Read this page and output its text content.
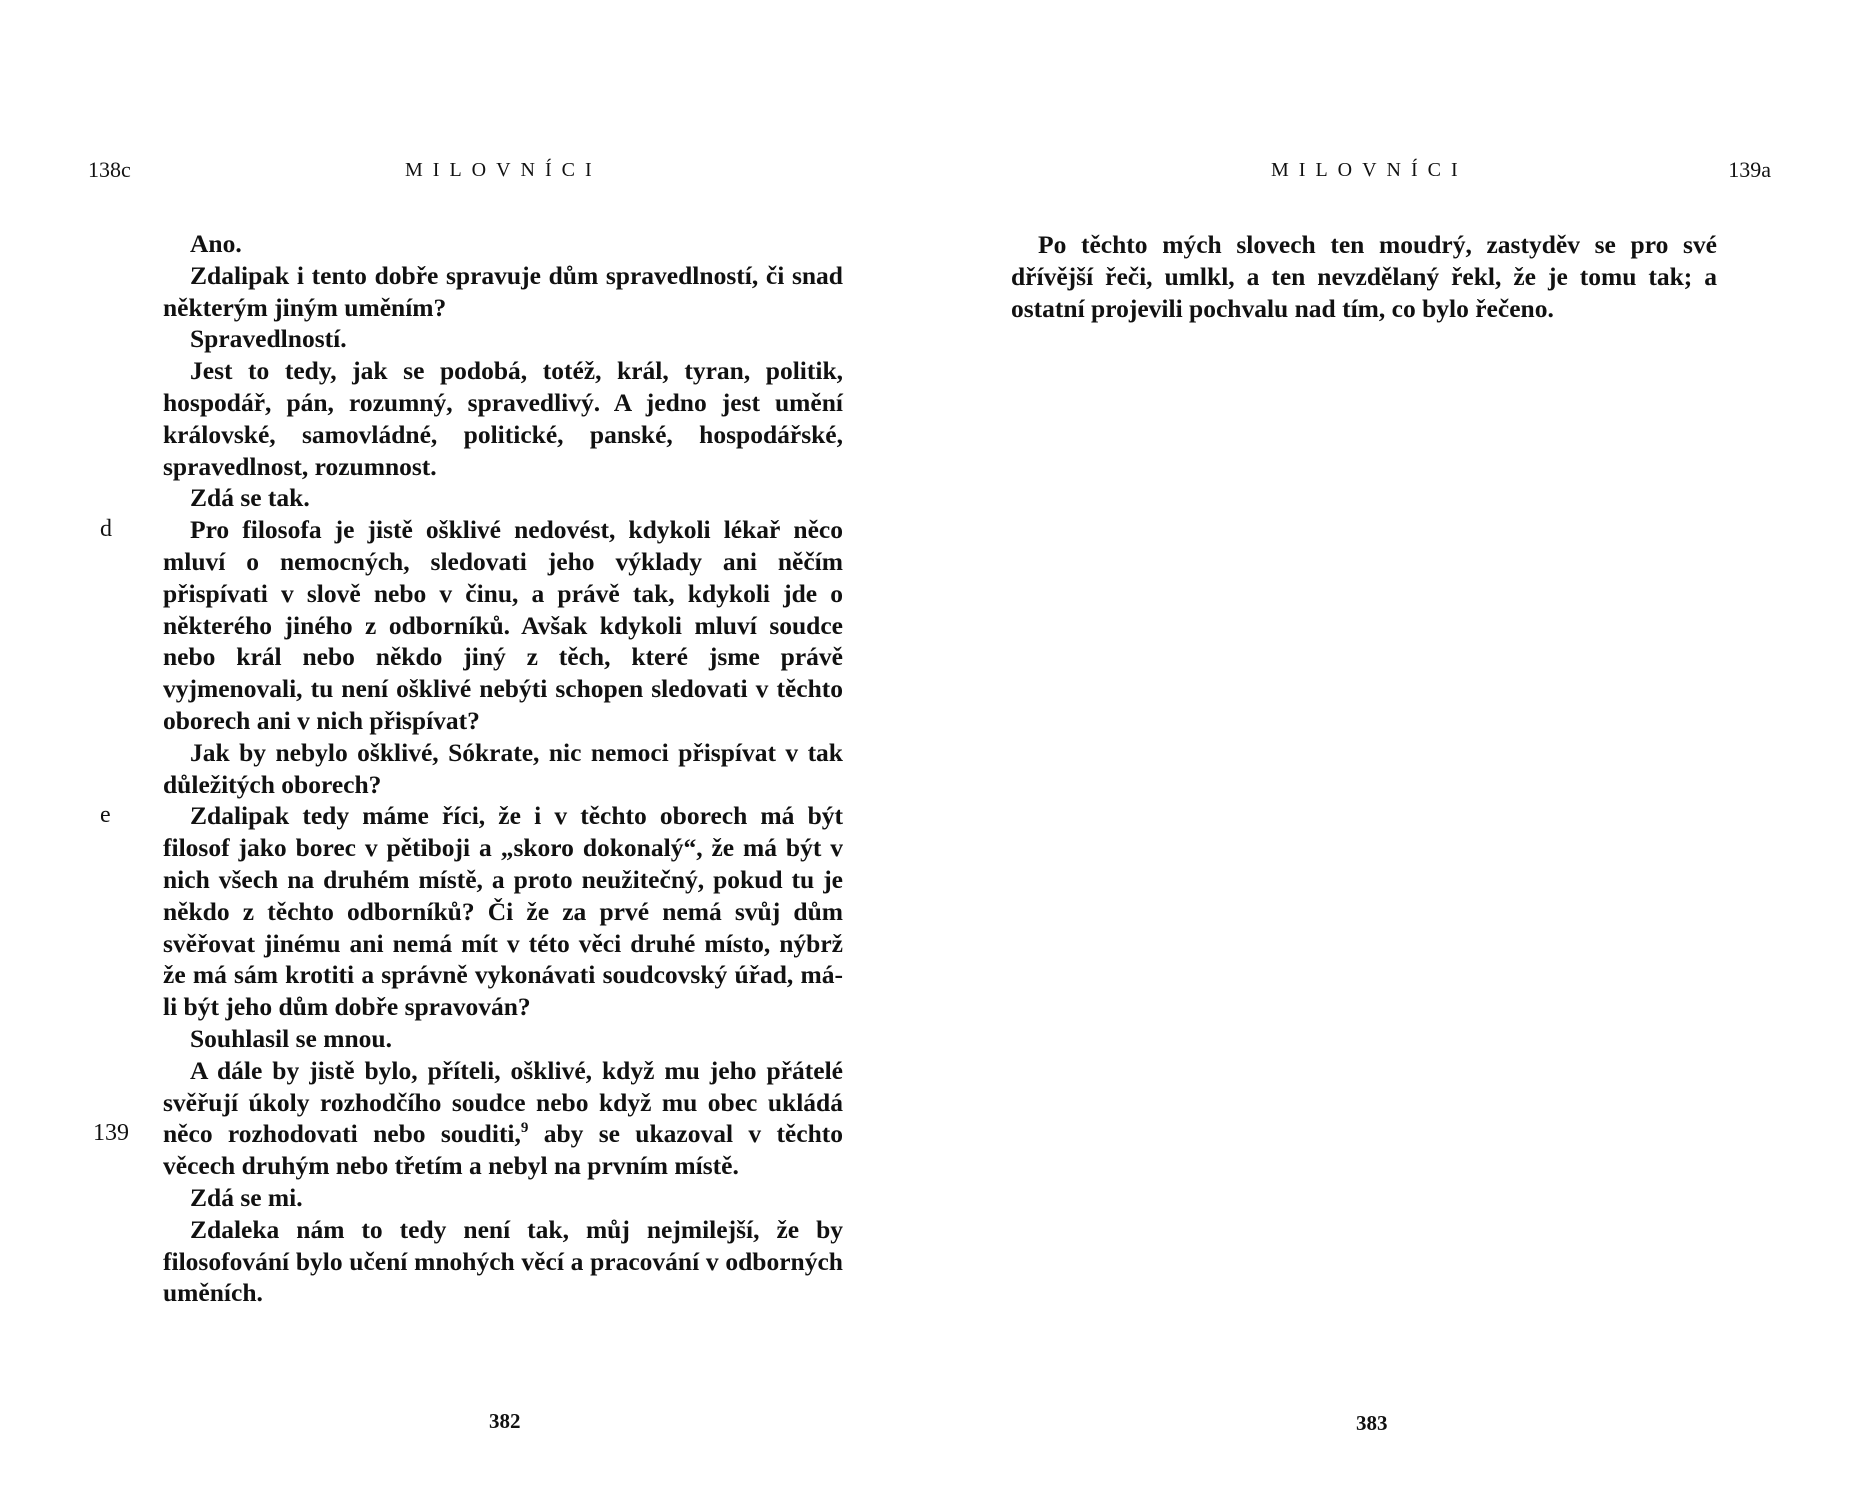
138c	MILOVNÍCI

Ano.

Zdalipak i tento dobře spravuje dům spravedlností, či snad některým jiným uměním?

Spravedlností.

Jest to tedy, jak se podobá, totéž, král, tyran, politik, hospodář, pán, rozumný, spravedlivý. A jedno jest umění královské, samovládné, politické, panské, hospodářské, spravedlnost, rozumnost.

Zdá se tak.

d	Pro filosofa je jistě ošklivé nedovést, kdykoli lékař něco mluví o nemocných, sledovati jeho výklady ani něčím přispívati v slově nebo v činu, a právě tak, kdykoli jde o některého jiného z odborníků. Avšak kdykoli mluví soudce nebo král nebo někdo jiný z těch, které jsme právě vyjmenovali, tu není ošklivé nebýti schopen sledovati v těchto oborech ani v nich přispívat?

Jak by nebylo ošklivé, Sókrate, nic nemoci přispívat v tak důležitých oborech?

e	Zdalipak tedy máme říci, že i v těchto oborech má být filosof jako borec v pětiboji a „skoro dokonalý“, že má být v nich všech na druhém místě, a proto neužitečný, pokud tu je někdo z těchto odborníků? Či že za prvé nemá svůj dům svěřovat jinému ani nemá mít v této věci druhé místo, nýbrž že má sám krotiti a správně vykonávati soudcovský úřad, má-li být jeho dům dobře spravován?

Souhlasil se mnou.

139
A dále by jistě bylo, příteli, ošklivé, když mu jeho přátelé svěřují úkoly rozhodčího soudce nebo když mu obec ukládá něco rozhodovati nebo souditi,$^9$ aby se ukazoval v těchto věcech druhým nebo třetím a nebyl na prvním místě.

Zdá se mi.

Zdaleka nám to tedy není tak, můj nejmilejší, že by filosofování bylo učení mnohých věcí a pracování v odborných uměních.

382
MILOVNÍCI	139a

Po těchto mých slovech ten moudrý, zastyděv se pro své dřívější řeči, umlkl, a ten nevzdělaný řekl, že je tomu tak; a ostatní projevili pochvalu nad tím, co bylo řečeno.

383
